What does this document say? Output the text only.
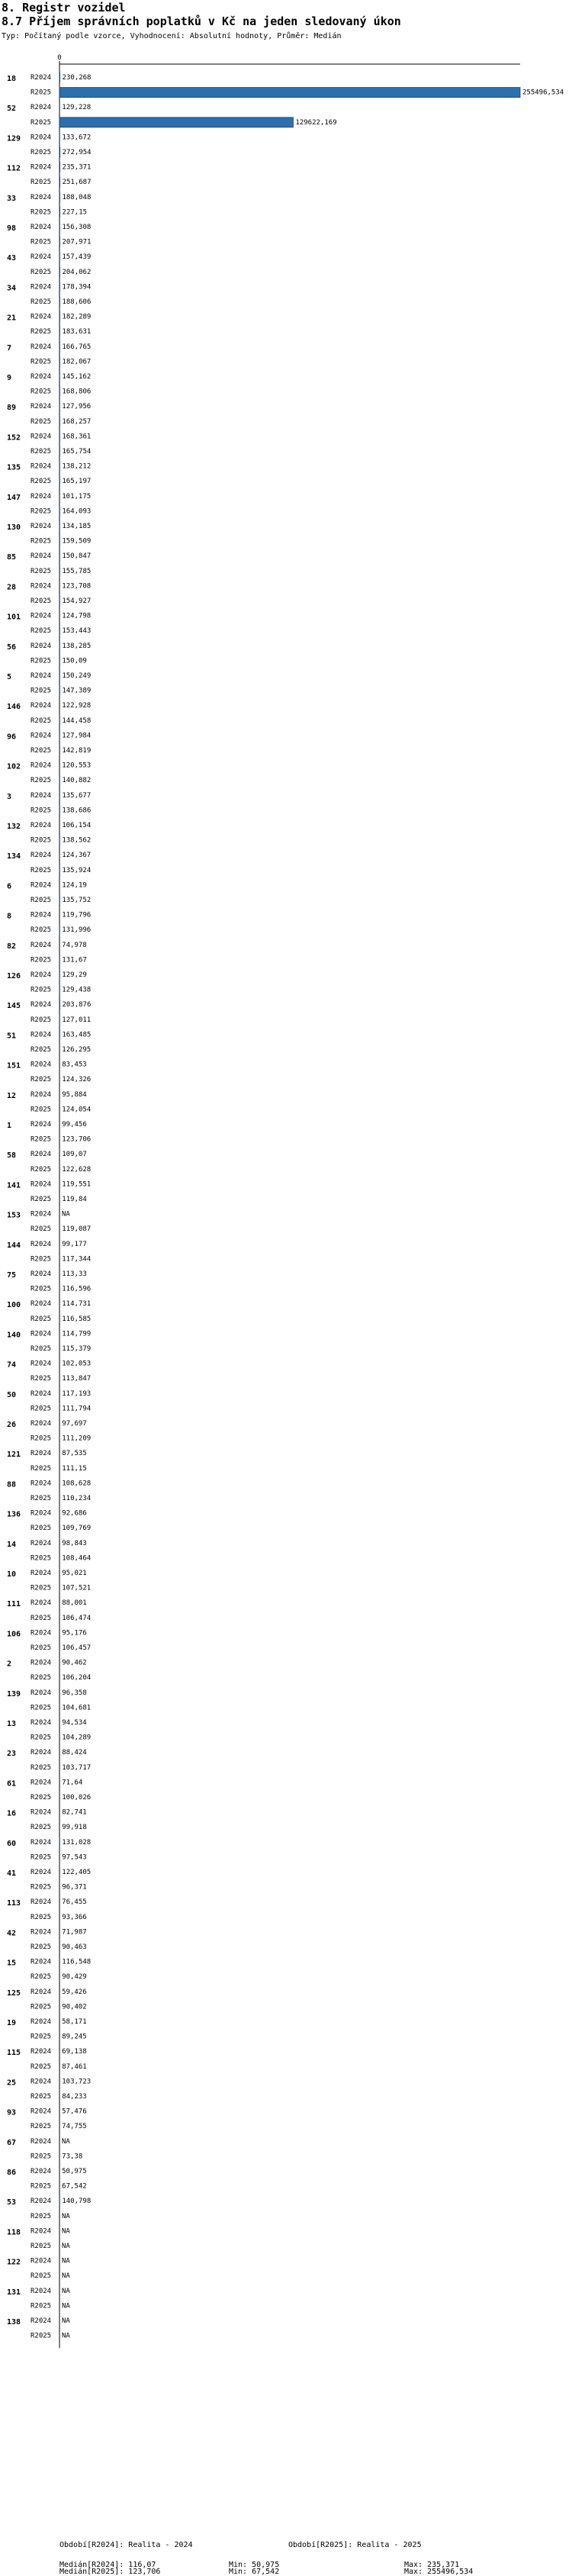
8. Registr vozidel
8.7 Příjem správních poplatků v Kč na jeden sledovaný úkon
Typ: Počítaný podle vzorce, Vyhodnocení: Absolutní hodnoty, Průměr: Medián
0
18 R2024 230,268
R2025	255496,534
52 R2024 129,228
R2025	129622,169
129 R2024 133,672
R2025 272,954
112 R2024 235,371
R2025 251,687
33 R2024 188,048
R2025 227,15
98 R2024 156,308
R2025 207,971
43 R2024 157,439
R2025 204,062
34 R2024 178,394
R2025 188,606
21 R2024 182,289
R2025 183,631
7	R2024 166,765
R2025 182,067
9	R2024 145,162
R2025 168,806
89 R2024 127,956
R2025 168,257
152 R2024 168,361
R2025 165,754
135 R2024 138,212
R2025 165,197
147 R2024 101,175
R2025 164,093
130 R2024 134,185
R2025 159,509
85 R2024 150,847
R2025 155,785
28 R2024 123,708
R2025 154,927
101 R2024 124,798
R2025 153,443
56 R2024 138,285
R2025 150,09
5	R2024 150,249
R2025 147,389
146 R2024 122,928
R2025 144,458
96 R2024 127,984
R2025 142,819
102 R2024 120,553
R2025 140,882
3	R2024 135,677
R2025 138,686
132 R2024 106,154
R2025 138,562
134 R2024 124,367
R2025 135,924
6	R2024 124,19
R2025 135,752
8	R2024 119,796
R2025 131,996
82 R2024 74,978
R2025 131,67
126 R2024 129,29
R2025 129,438
145 R2024 203,876
R2025 127,011
51 R2024 163,485
R2025 126,295
151 R2024 83,453
R2025 124,326
12 R2024 95,884
R2025 124,054
1	R2024 99,456
R2025 123,706
58 R2024 109,07
R2025 122,628
141 R2024 119,551
R2025 119,84
153 R2024 NA
R2025 119,087
144 R2024 99,177
R2025 117,344
75 R2024 113,33
R2025 116,596
100 R2024 114,731
R2025 116,585
140 R2024 114,799
R2025 115,379
74 R2024 102,053
R2025 113,847
50 R2024 117,193
R2025 111,794
26 R2024 97,697
R2025 111,209
121 R2024 87,535
R2025 111,15
88 R2024 108,628
R2025 110,234
136 R2024 92,686
R2025 109,769
14 R2024 98,843
R2025 108,464
10 R2024 95,021
R2025 107,521
111 R2024 88,001
R2025 106,474
106 R2024 95,176
R2025 106,457
2	R2024 90,462
R2025 106,204
139 R2024 96,358
R2025 104,681
13 R2024 94,534
R2025 104,289
23 R2024 88,424
R2025 103,717
61 R2024 71,64
R2025 100,026
16 R2024 82,741
R2025 99,918
60 R2024 131,028
R2025 97,543
41 R2024 122,405
R2025 96,371
113 R2024 76,455
R2025 93,366
42 R2024 71,987
R2025 90,463
15 R2024 116,548
R2025 90,429
125 R2024 59,426
R2025 90,402
19 R2024 58,171
R2025 89,245
115 R2024 69,138
R2025 87,461
25 R2024 103,723
R2025 84,233
93 R2024 57,476
R2025 74,755
67 R2024 NA
R2025 73,38
86 R2024 50,975
R2025 67,542
53 R2024 140,798
R2025 NA
118 R2024 NA
R2025 NA
122 R2024 NA
R2025 NA
131 R2024 NA
R2025 NA
138 R2024 NA
R2025 NA
Období[R2024]: Realita - 2024	Období[R2025]: Realita - 2025
Medián[R2024]: 116,07	Min: 50,975	Max: 235,371
Medián[R2025]: 123,706	Min: 67,542	Max: 255496,534
